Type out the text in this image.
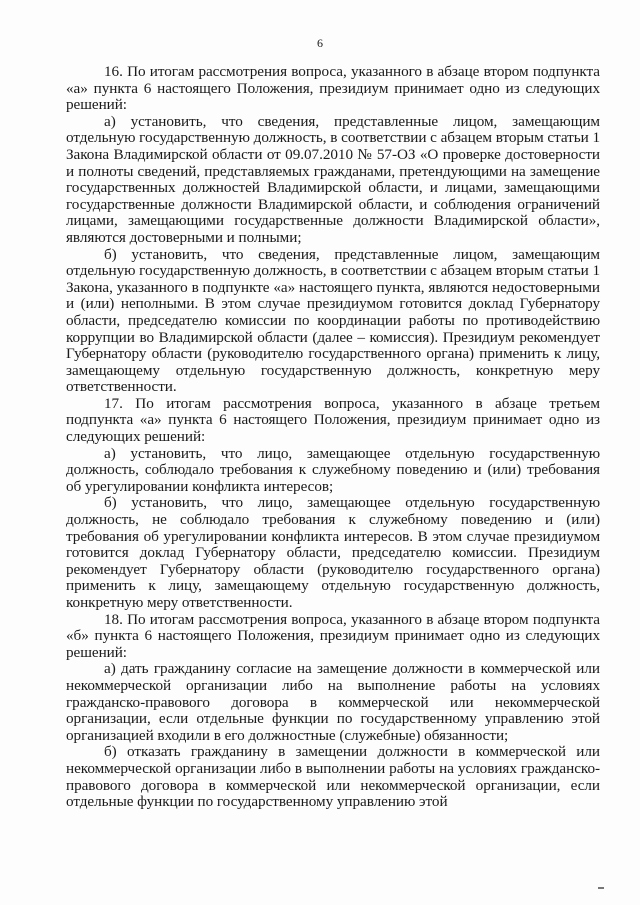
6

16. По итогам рассмотрения вопроса, указанного в абзаце втором подпункта «а» пункта 6 настоящего Положения, президиум принимает одно из следующих решений:

а) установить, что сведения, представленные лицом, замещающим отдельную государственную должность, в соответствии с абзацем вторым статьи 1 Закона Владимирской области от 09.07.2010 № 57-ОЗ «О проверке достоверности и полноты сведений, представляемых гражданами, претендующими на замещение государственных должностей Владимирской области, и лицами, замещающими государственные должности Владимирской области, и соблюдения ограничений лицами, замещающими государственные должности Владимирской области», являются достоверными и полными;

б) установить, что сведения, представленные лицом, замещающим отдельную государственную должность, в соответствии с абзацем вторым статьи 1 Закона, указанного в подпункте «а» настоящего пункта, являются недостоверными и (или) неполными. В этом случае президиумом готовится доклад Губернатору области, председателю комиссии по координации работы по противодействию коррупции во Владимирской области (далее – комиссия). Президиум рекомендует Губернатору области (руководителю государственного органа) применить к лицу, замещающему отдельную государственную должность, конкретную меру ответственности.

17. По итогам рассмотрения вопроса, указанного в абзаце третьем подпункта «а» пункта 6 настоящего Положения, президиум принимает одно из следующих решений:

а) установить, что лицо, замещающее отдельную государственную должность, соблюдало требования к служебному поведению и (или) требования об урегулировании конфликта интересов;

б) установить, что лицо, замещающее отдельную государственную должность, не соблюдало требования к служебному поведению и (или) требования об урегулировании конфликта интересов. В этом случае президиумом готовится доклад Губернатору области, председателю комиссии. Президиум рекомендует Губернатору области (руководителю государственного органа) применить к лицу, замещающему отдельную государственную должность, конкретную меру ответственности.

18. По итогам рассмотрения вопроса, указанного в абзаце втором подпункта «б» пункта 6 настоящего Положения, президиум принимает одно из следующих решений:

а) дать гражданину согласие на замещение должности в коммерческой или некоммерческой организации либо на выполнение работы на условиях гражданско-правового договора в коммерческой или некоммерческой организации, если отдельные функции по государственному управлению этой организацией входили в его должностные (служебные) обязанности;

б) отказать гражданину в замещении должности в коммерческой или некоммерческой организации либо в выполнении работы на условиях гражданско-правового договора в коммерческой или некоммерческой организации, если отдельные функции по государственному управлению этой
